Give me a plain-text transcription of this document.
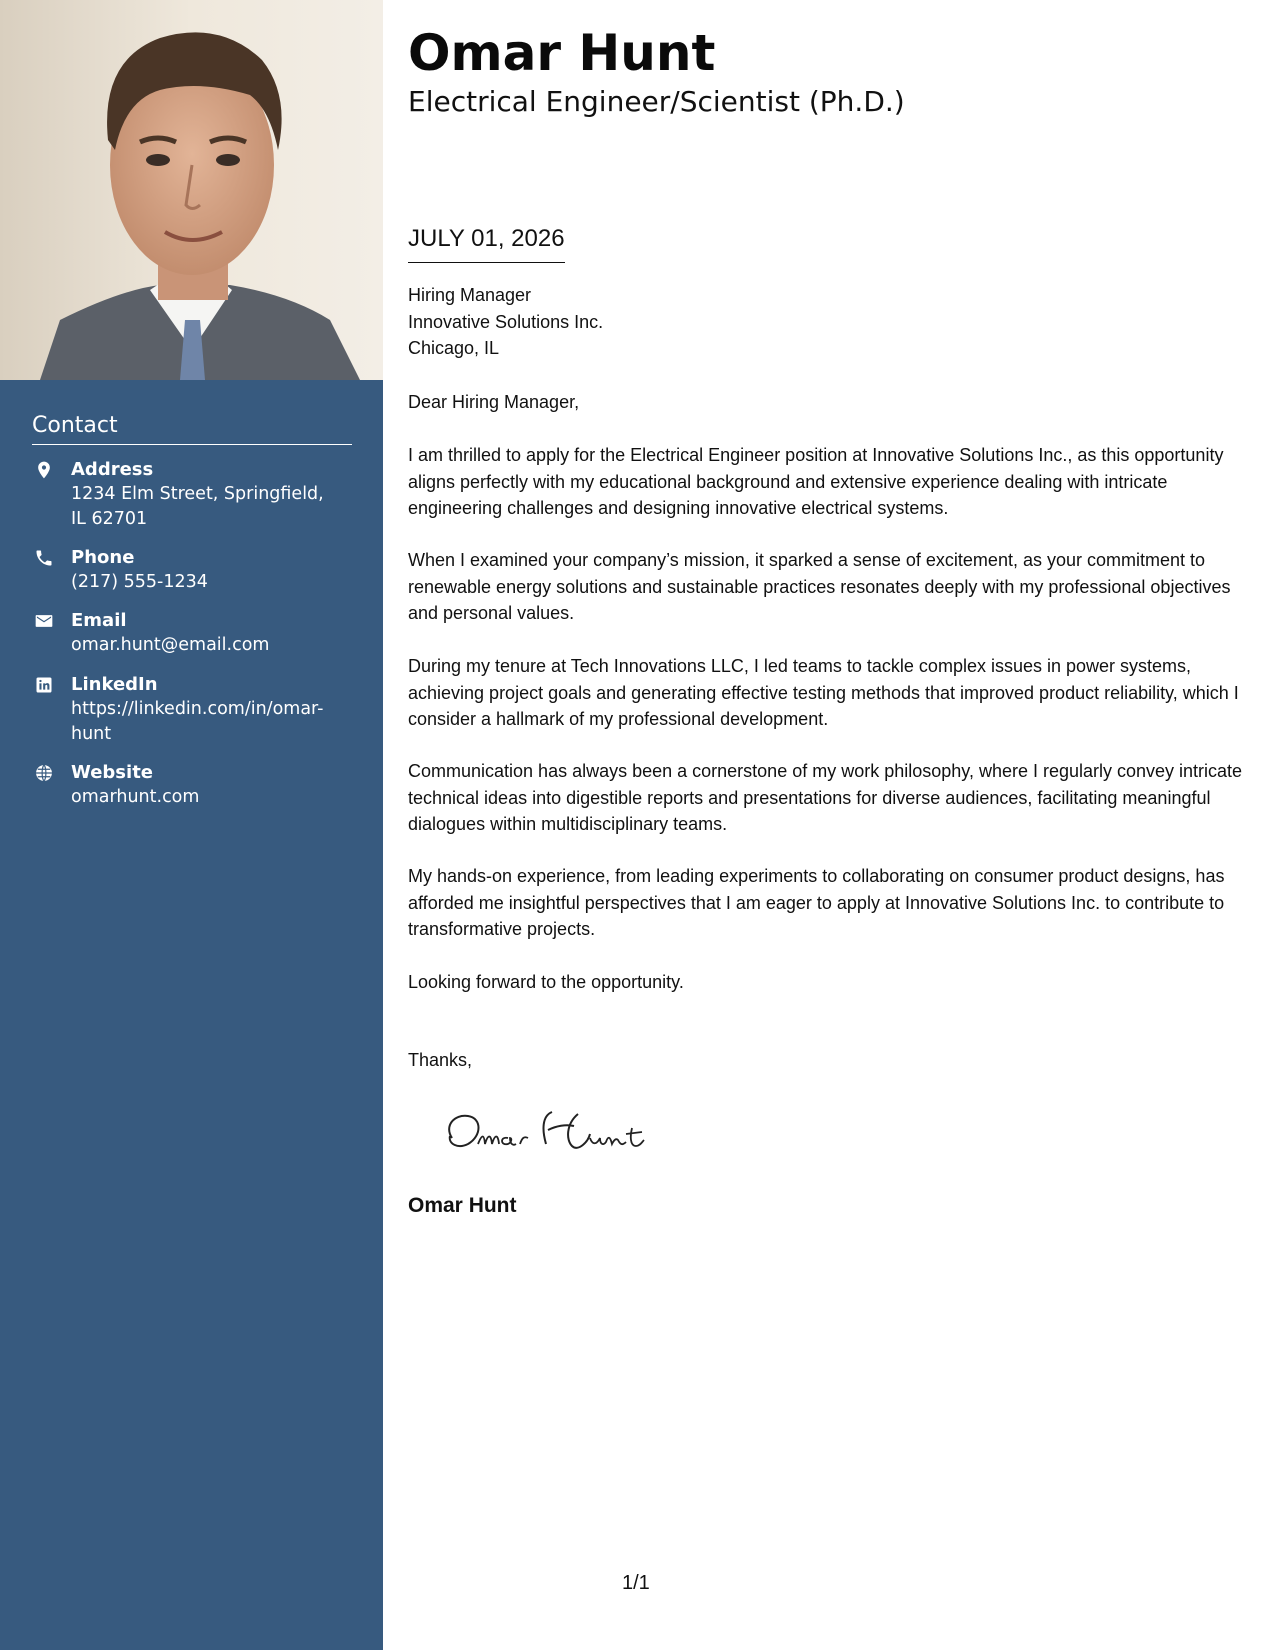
Contact
Address
1234 Elm Street, Springfield, IL 62701
Phone
(217) 555-1234
Email
omar.hunt@email.com
LinkedIn
https://linkedin.com/in/omar-hunt
Website
omarhunt.com
Omar Hunt
Electrical Engineer/Scientist (Ph.D.)
JULY 01, 2026
Hiring Manager
Innovative Solutions Inc.
Chicago, IL
Dear Hiring Manager,

I am thrilled to apply for the Electrical Engineer position at Innovative Solutions Inc., as this opportunity aligns perfectly with my educational background and extensive experience dealing with intricate engineering challenges and designing innovative electrical systems.

When I examined your company’s mission, it sparked a sense of excitement, as your commitment to renewable energy solutions and sustainable practices resonates deeply with my professional objectives and personal values.

During my tenure at Tech Innovations LLC, I led teams to tackle complex issues in power systems, achieving project goals and generating effective testing methods that improved product reliability, which I consider a hallmark of my professional development.

Communication has always been a cornerstone of my work philosophy, where I regularly convey intricate technical ideas into digestible reports and presentations for diverse audiences, facilitating meaningful dialogues within multidisciplinary teams.

My hands-on experience, from leading experiments to collaborating on consumer product designs, has afforded me insightful perspectives that I am eager to apply at Innovative Solutions Inc. to contribute to transformative projects.

Looking forward to the opportunity.

Thanks,
Omar Hunt
1/1
